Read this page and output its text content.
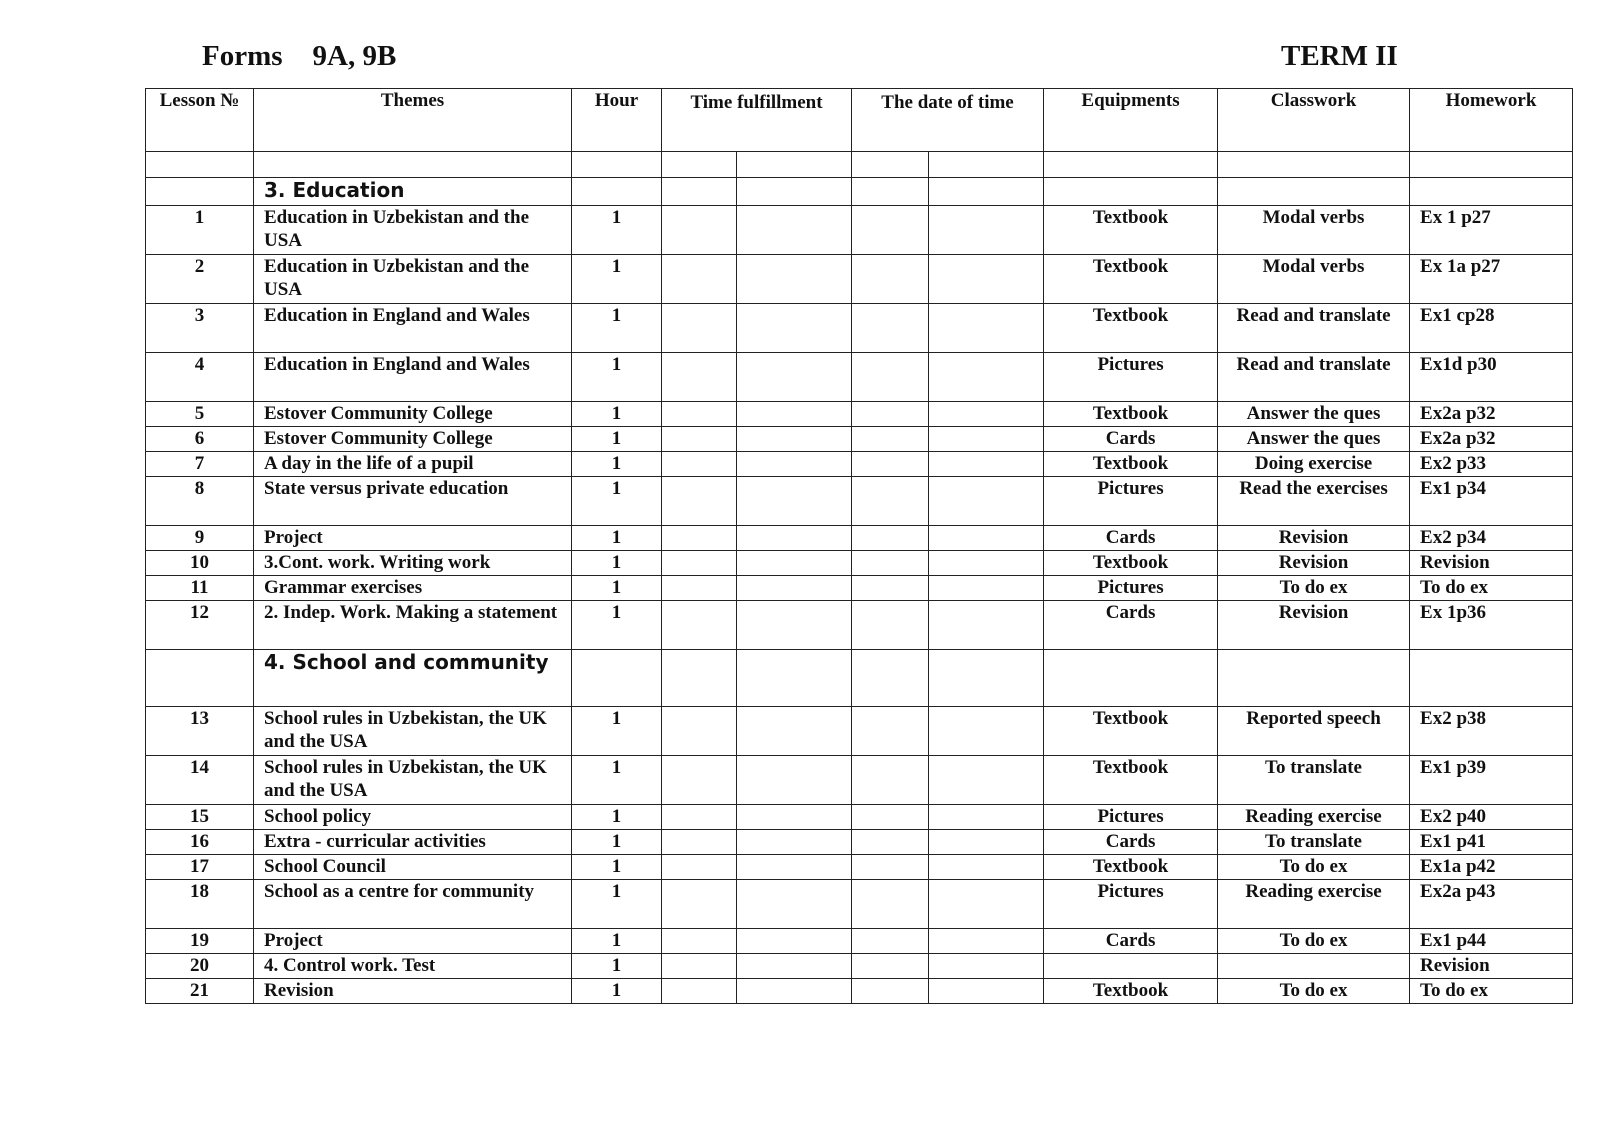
Forms 9A, 9B	TERM II
Lesson №	Themes	Hour	Time fulfillment		The date of time		Equipments	Classwork	Homework

	3. Education								

1	Education in Uzbekistan and the USA	1					Textbook	Modal verbs	Ex 1 p27
2	Education in Uzbekistan and the USA	1					Textbook	Modal verbs	Ex 1a p27
3	Education in England and Wales	1					Textbook	Read and translate	Ex1 cp28
4	Education in England and Wales	1					Pictures	Read and translate	Ex1d p30
5	Estover Community College	1					Textbook	Answer the ques	Ex2a p32
6	Estover Community College	1					Cards	Answer the ques	Ex2a p32
7	A day in the life of a pupil	1					Textbook	Doing exercise	Ex2 p33
8	State versus private education	1					Pictures	Read the exercises	Ex1 p34
9	Project	1					Cards	Revision	Ex2 p34
10	3.Cont. work. Writing work	1					Textbook	Revision	Revision
11	Grammar exercises	1					Pictures	To do ex	To do ex
12	2. Indep. Work. Making a statement	1					Cards	Revision	Ex 1p36

	4. School and community								

13	School rules in Uzbekistan, the UK and the USA	1					Textbook	Reported speech	Ex2 p38
14	School rules in Uzbekistan, the UK and the USA	1					Textbook	To translate	Ex1 p39
15	School policy	1					Pictures	Reading exercise	Ex2 p40
16	Extra - curricular activities	1					Cards	To translate	Ex1 p41
17	School Council	1					Textbook	To do ex	Ex1a p42
18	School as a centre for community	1					Pictures	Reading exercise	Ex2a p43
19	Project	1					Cards	To do ex	Ex1 p44
20	4. Control work. Test	1							Revision
21	Revision	1					Textbook	To do ex	To do ex
